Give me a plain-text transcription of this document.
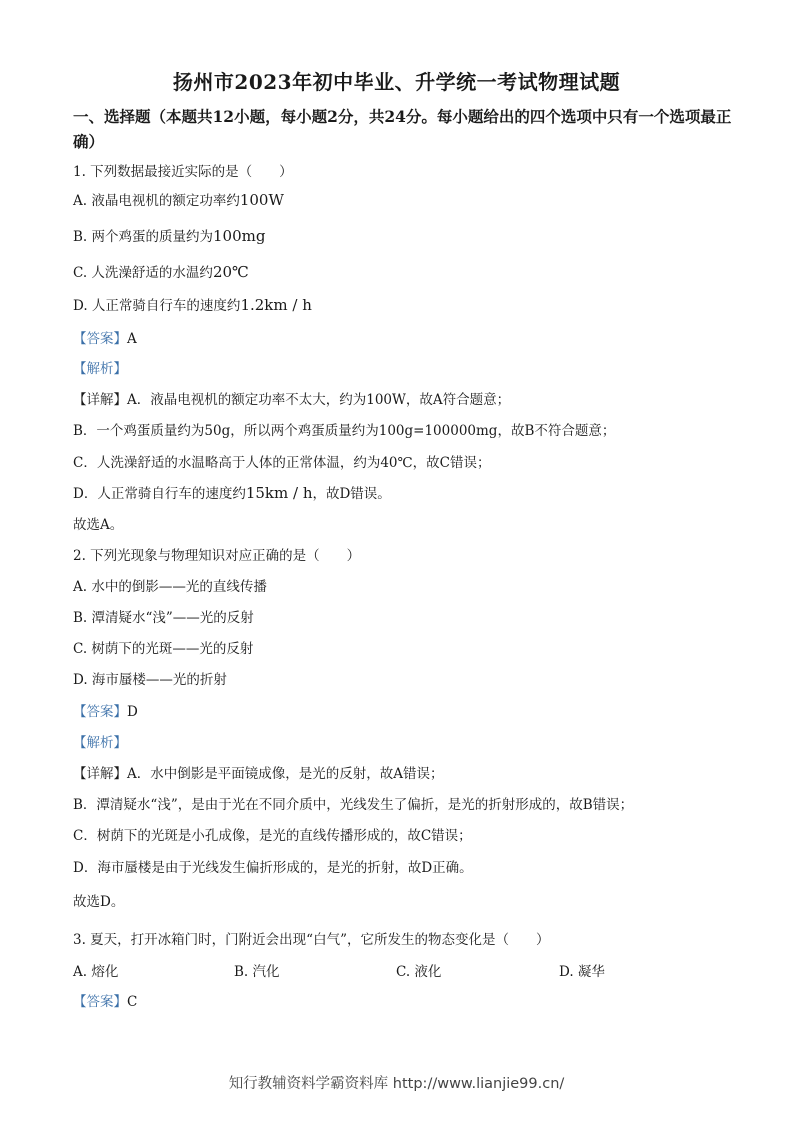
扬州市2023年初中毕业、升学统一考试物理试题
一、选择题（本题共12小题，每小题2分，共24分。每小题给出的四个选项中只有一个选项最正确）
1. 下列数据最接近实际的是（　　）
A. 液晶电视机的额定功率约100W
B. 两个鸡蛋的质量约为100mg
C. 人洗澡舒适的水温约20℃
D. 人正常骑自行车的速度约1.2km / h
【答案】A
【解析】
【详解】A．液晶电视机的额定功率不太大，约为100W，故A符合题意；
B．一个鸡蛋质量约为50g，所以两个鸡蛋质量约为100g=100000mg，故B不符合题意；
C．人洗澡舒适的水温略高于人体的正常体温，约为40℃，故C错误；
D．人正常骑自行车的速度约15km / h，故D错误。
故选A。
2. 下列光现象与物理知识对应正确的是（　　）
A. 水中的倒影——光的直线传播
B. 潭清疑水“浅”——光的反射
C. 树荫下的光斑——光的反射
D. 海市蜃楼——光的折射
【答案】D
【解析】
【详解】A．水中倒影是平面镜成像，是光的反射，故A错误；
B．潭清疑水“浅”，是由于光在不同介质中，光线发生了偏折，是光的折射形成的，故B错误；
C．树荫下的光斑是小孔成像，是光的直线传播形成的，故C错误；
D．海市蜃楼是由于光线发生偏折形成的，是光的折射，故D正确。
故选D。
3. 夏天，打开冰箱门时，门附近会出现“白气”，它所发生的物态变化是（　　）
A. 熔化	B. 汽化	C. 液化	D. 凝华
【答案】C
知行教辅资料学霸资料库 http://www.lianjie99.cn/
